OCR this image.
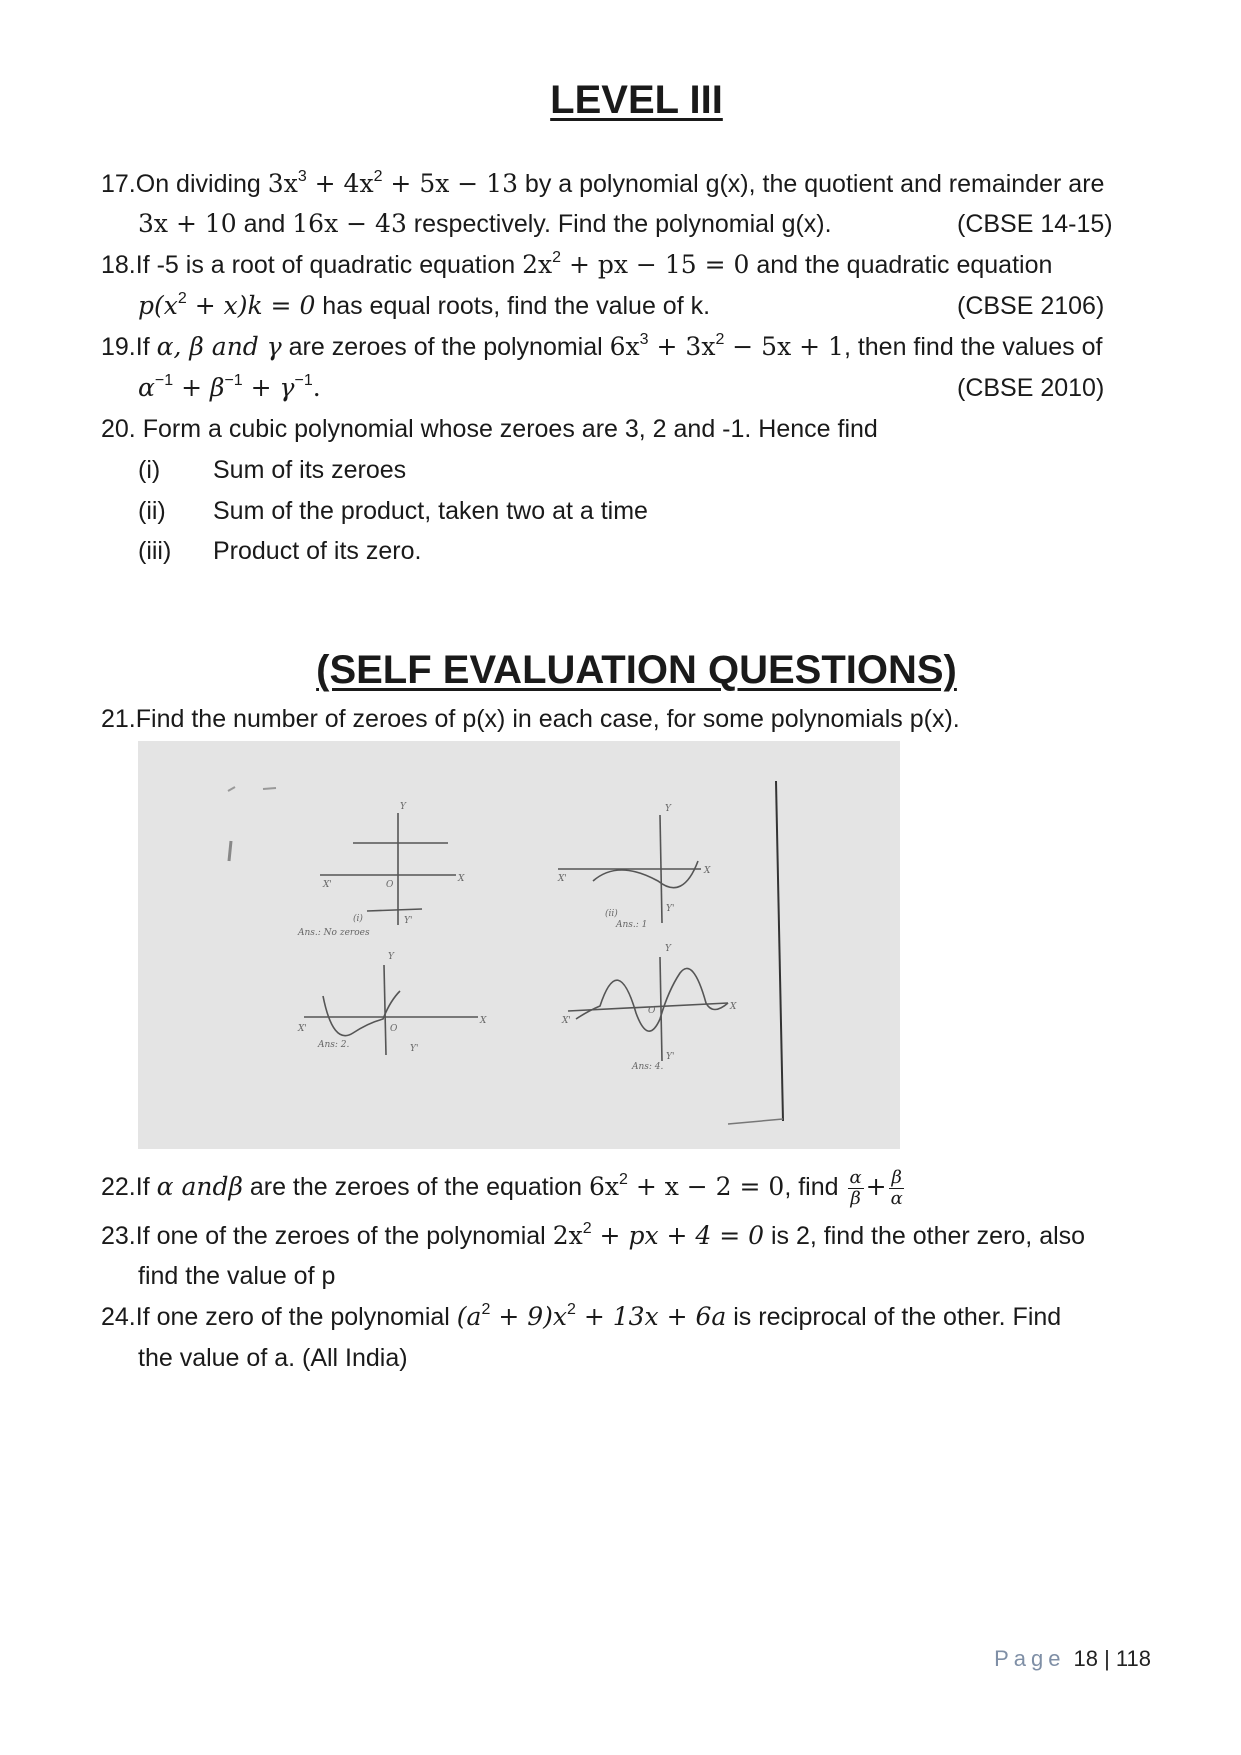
LEVEL III
17.On dividing $3x^3 + 4x^2 + 5x - 13$ by a polynomial g(x), the quotient and remainder are
3x + 10 and 16x − 43 respectively. Find the polynomial g(x).	(CBSE 14-15)
18.If -5 is a root of quadratic equation $2x^2$ + px − 15 = 0 and the quadratic equation
$p(x^2 + x)k = 0$ has equal roots, find the value of k.	(CBSE 2106)
19.If α, β and γ are zeroes of the polynomial $6x^3 + 3x^2 - 5x + 1$, then find the values of
$\alpha^{-1} + \beta^{-1} + \gamma^{-1}$.	(CBSE 2010)
20. Form a cubic polynomial whose zeroes are 3, 2 and -1. Hence find
(i) Sum of its zeroes
(ii) Sum of the product, taken two at a time
(iii) Product of its zero.
(SELF EVALUATION QUESTIONS)
21.Find the number of zeroes of p(x) in each case, for some polynomials p(x).
Y
X'
X
O
Y'
(i)
Ans.: No zeroes
Y
X'
X
Y'
(ii)
Ans.: 1
Y
X'
X
O
Y'
Ans: 2.
Y
X'
X
O
Y'
Ans: 4.
22.If α andβ are the zeroes of the equation $6x^2 + x - 2 = 0$, find $\frac{\alpha}{\beta} + \frac{\beta}{\alpha}$
23.If one of the zeroes of the polynomial $2x^2$ + px + 4 = 0 is 2, find the other zero, also
find the value of p
24.If one zero of the polynomial $(a^2 + 9)x^2 + 13x + 6a$ is reciprocal of the other. Find
the value of a. (All India)
Page 18 | 118
